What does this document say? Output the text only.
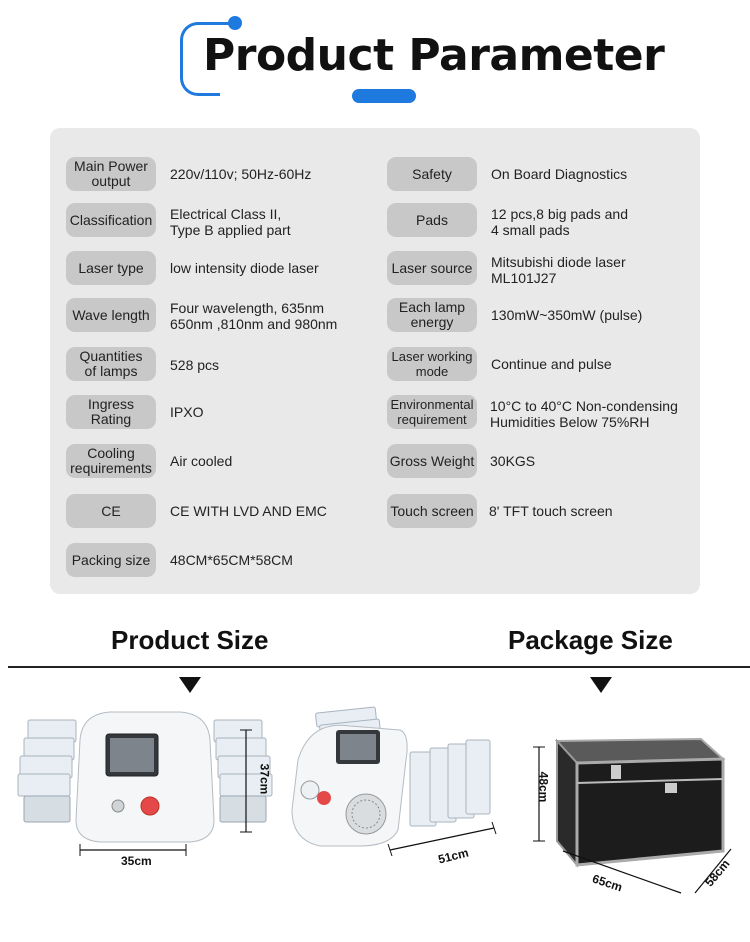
Product Parameter
Main Power
output	220v/110v; 50Hz-60Hz
Classification Electrical Class II,
Type B applied part
Laser type	low intensity diode laser
Wave length	Four wavelength, 635nm
650nm ,810nm and 980nm
Quantities
of lamps	528 pcs
Ingress
Rating	IPXO
Cooling
requirements Air cooled
CE	CE WITH LVD AND EMC
Packing size	48CM*65CM*58CM
Safety	On Board Diagnostics
Pads	12 pcs,8 big pads and
4 small pads
Laser source	Mitsubishi diode laser
ML101J27
Each lamp
energy	130mW~350mW (pulse)
Laser working
mode	Continue and pulse
Environmental
requirement
10°C to 40°C Non-condensing
Humidities Below 75%RH
Gross Weight 30KGS
Touch screen 8' TFT touch screen
Product Size	Package Size
35cm
37cm
51cm
48cm
65cm	58cm
